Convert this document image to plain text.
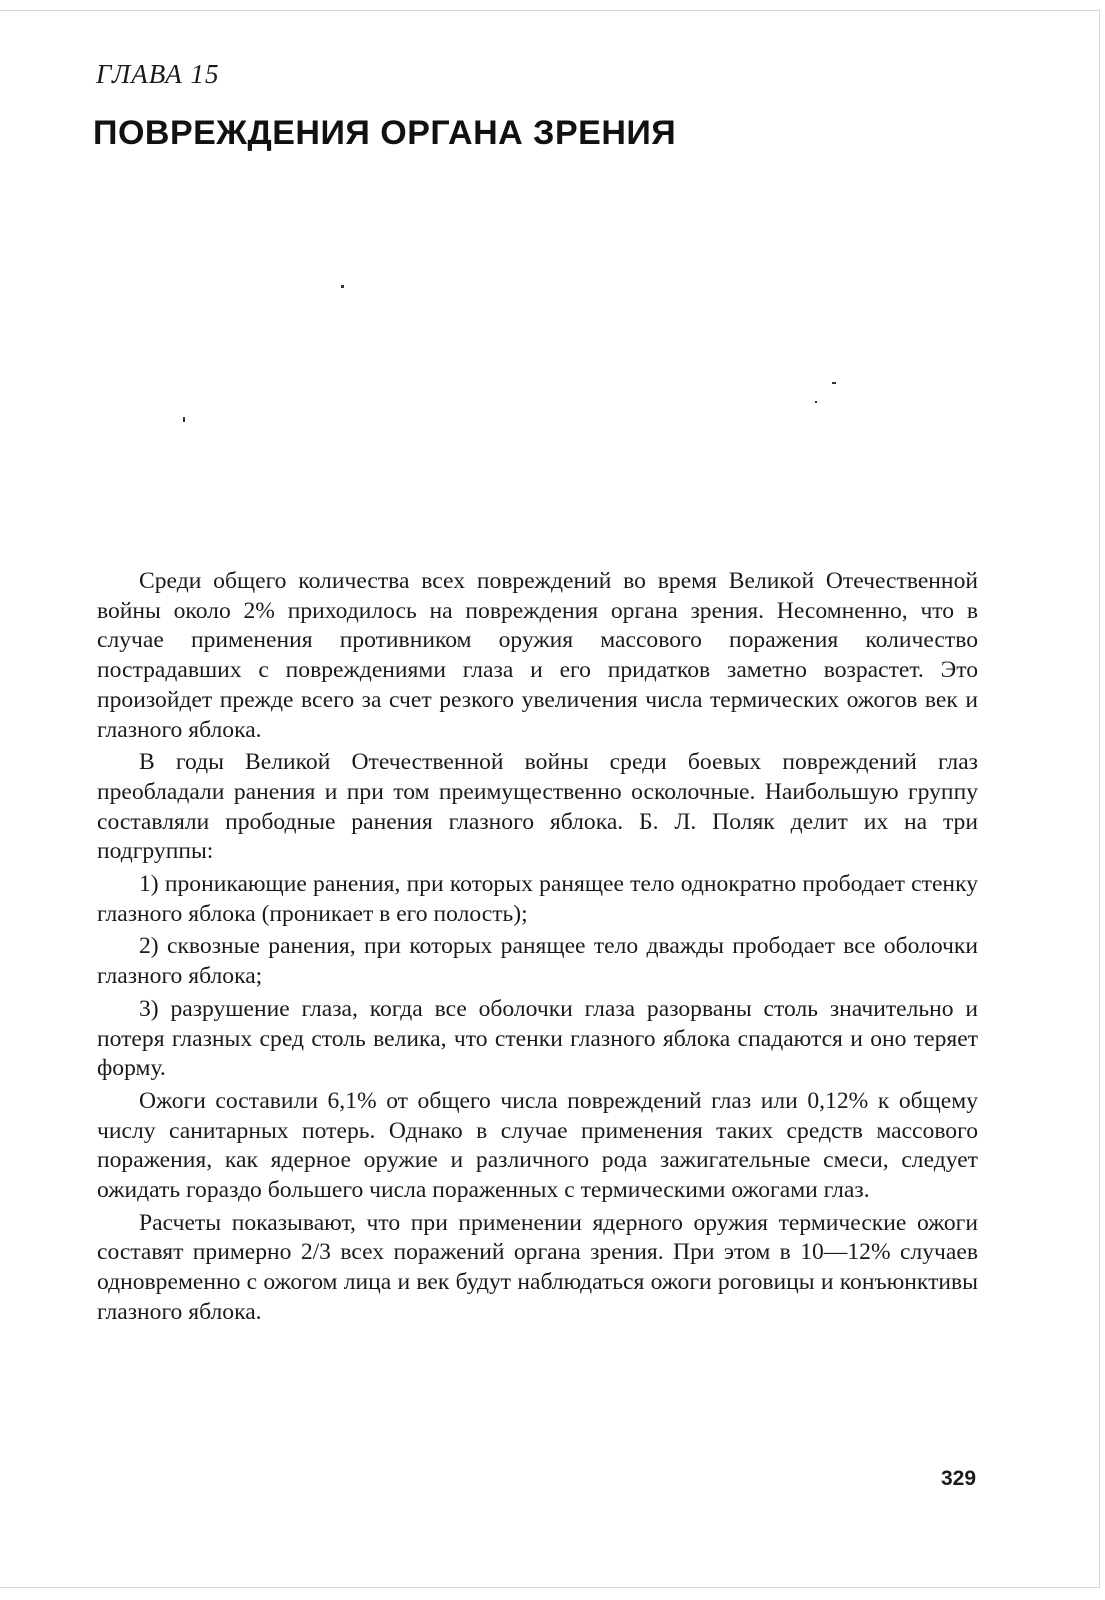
ГЛАВА 15
ПОВРЕЖДЕНИЯ ОРГАНА ЗРЕНИЯ

Среди общего количества всех повреждений во время Великой Отечественной войны около 2% приходилось на повреждения органа зрения. Несомненно, что в случае применения противником оружия массового поражения количество пострадавших с повреждениями глаза и его придатков заметно возрастет. Это произойдет прежде всего за счет резкого увеличения числа термических ожогов век и глазного яблока.

В годы Великой Отечественной войны среди боевых повреждений глаз преобладали ранения и при том преимущественно осколочные. Наибольшую группу составляли прободные ранения глазного яблока. Б. Л. Поляк делит их на три подгруппы:

1) проникающие ранения, при которых ранящее тело однократно прободает стенку глазного яблока (проникает в его полость);

2) сквозные ранения, при которых ранящее тело дважды прободает все оболочки глазного яблока;

3) разрушение глаза, когда все оболочки глаза разорваны столь значительно и потеря глазных сред столь велика, что стенки глазного яблока спадаются и оно теряет форму.

Ожоги составили 6,1% от общего числа повреждений глаз или 0,12% к общему числу санитарных потерь. Однако в случае применения таких средств массового поражения, как ядерное оружие и различного рода зажигательные смеси, следует ожидать гораздо большего числа пораженных с термическими ожогами глаз.

Расчеты показывают, что при применении ядерного оружия термические ожоги составят примерно 2/3 всех поражений органа зрения. При этом в 10—12% случаев одновременно с ожогом лица и век будут наблюдаться ожоги роговицы и конъюнктивы глазного яблока.

329
